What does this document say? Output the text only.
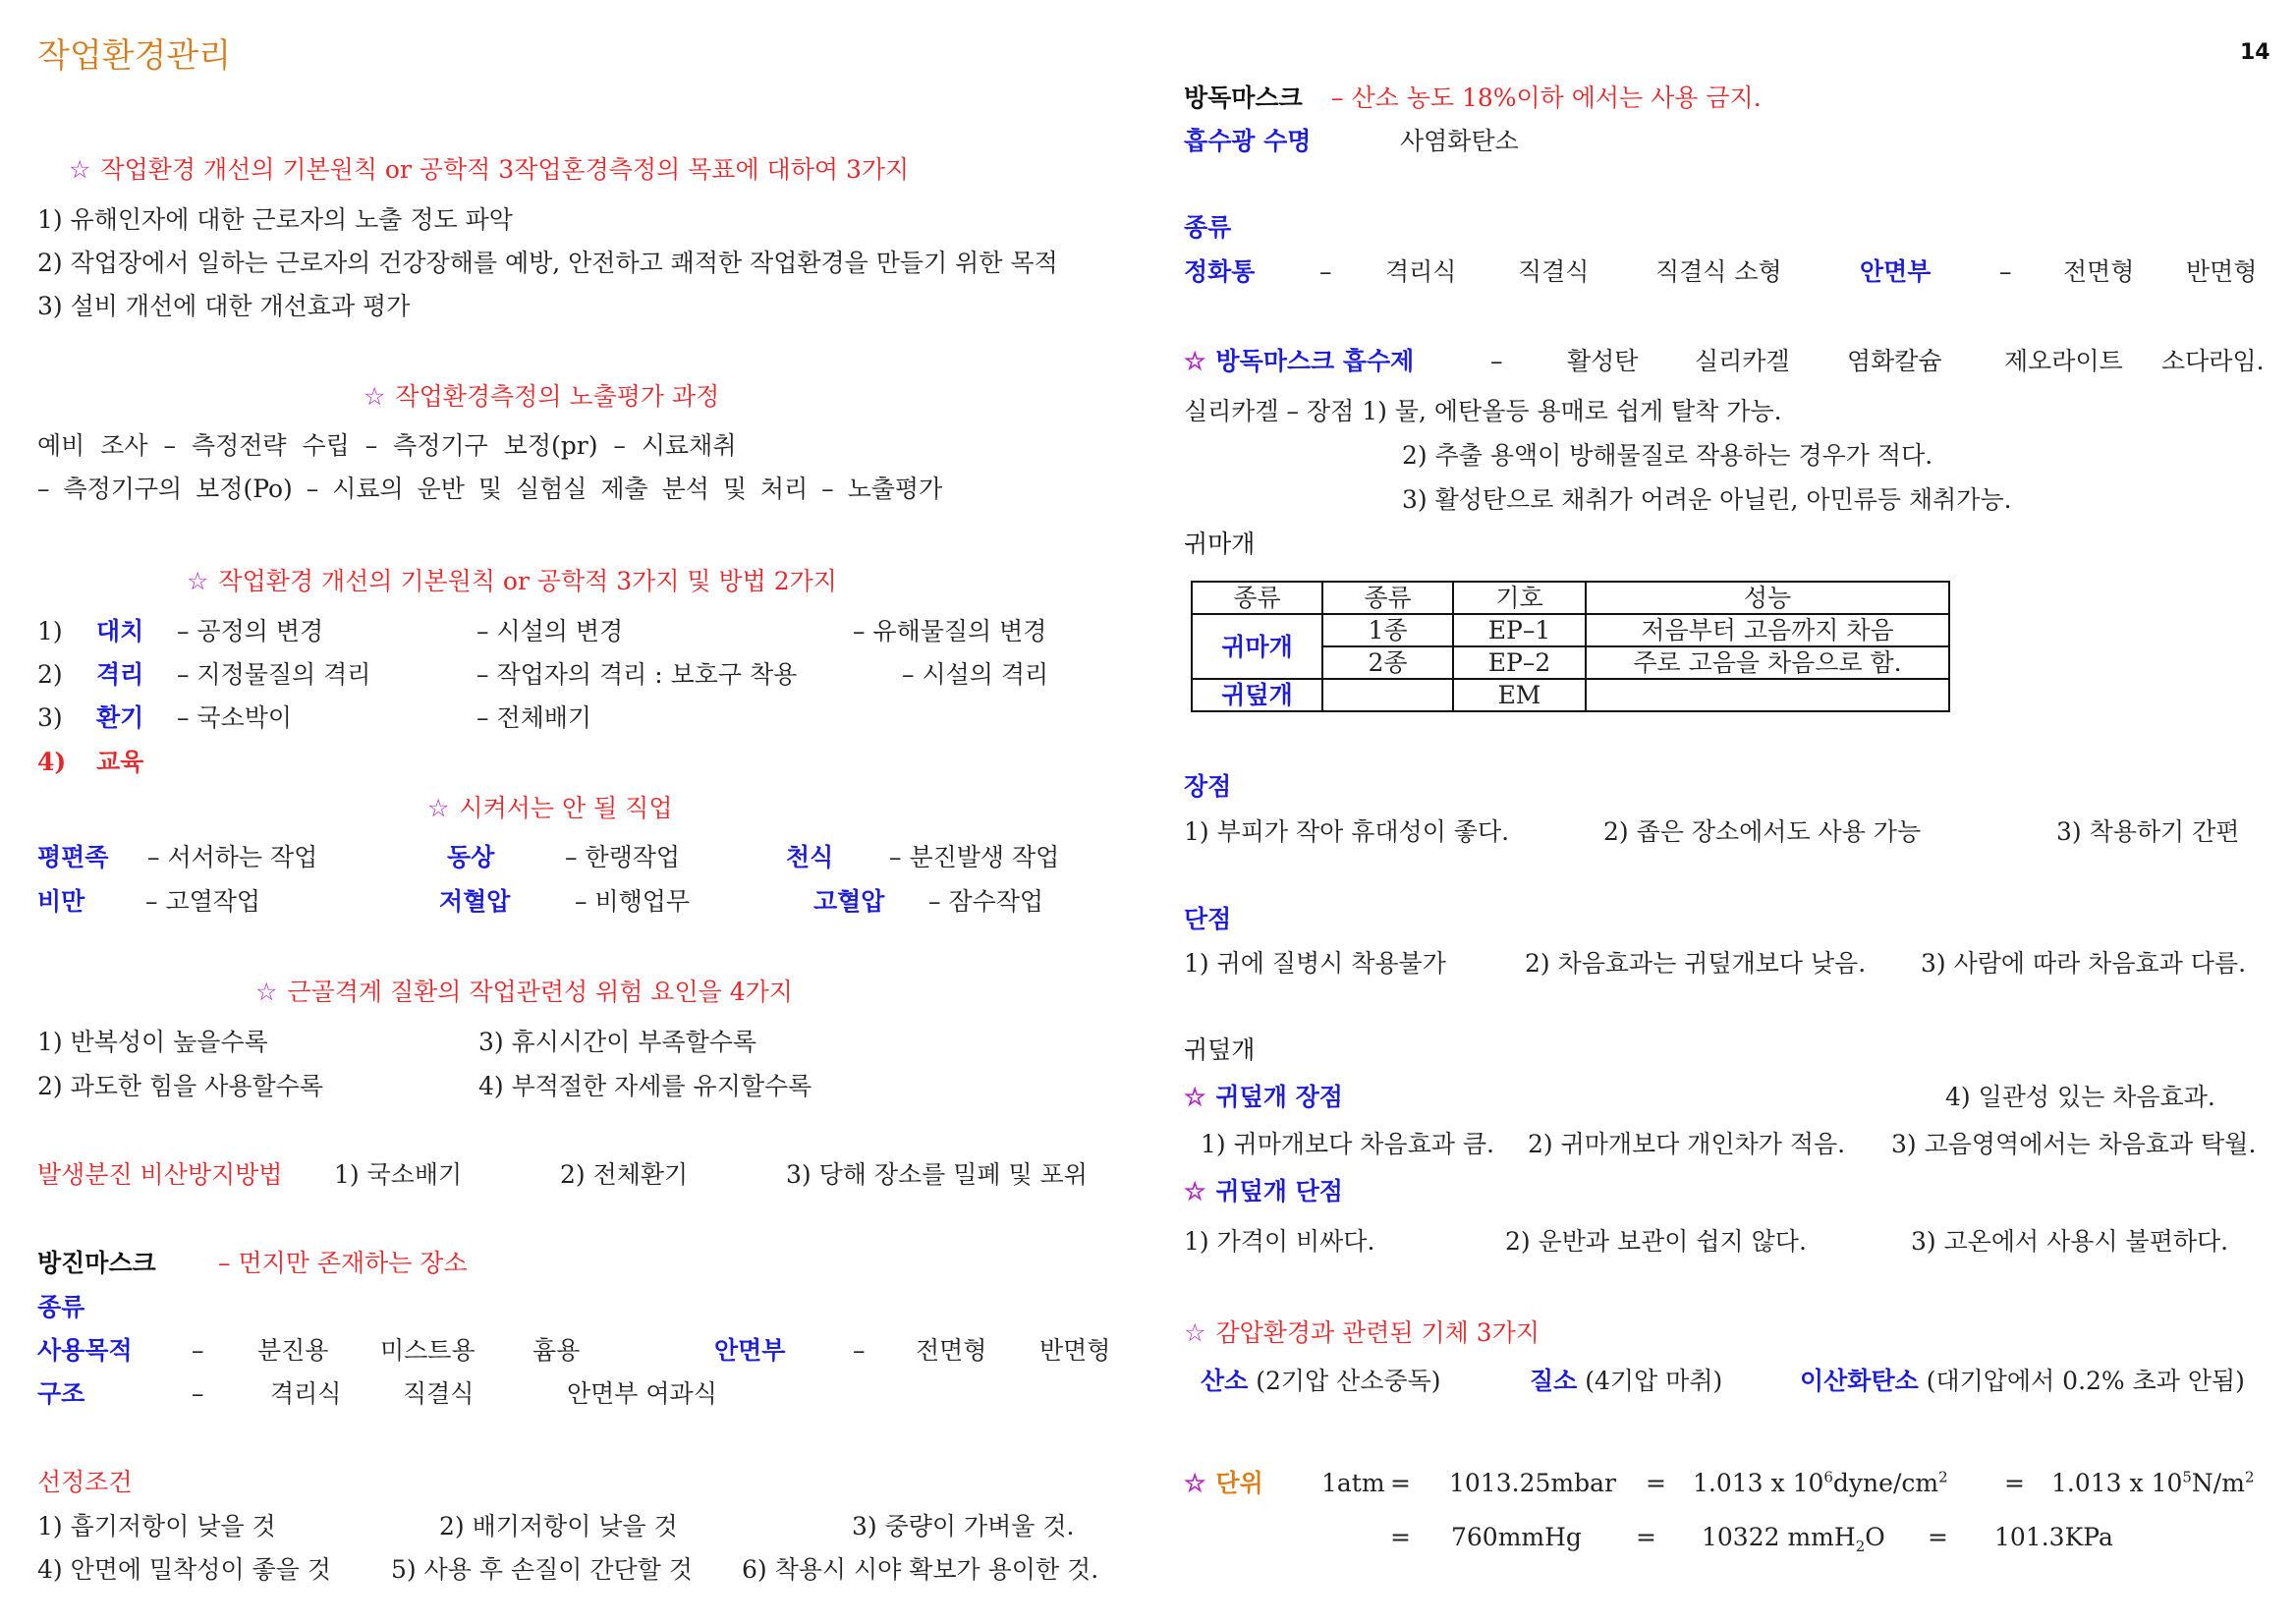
작업환경관리	14
☆ 작업환경 개선의 기본원칙 or 공학적 3작업혼경측정의 목표에 대하여 3가지
1) 유해인자에 대한 근로자의 노출 정도 파악
2) 작업장에서 일하는 근로자의 건강장해를 예방, 안전하고 쾌적한 작업환경을 만들기 위한 목적
3) 설비 개선에 대한 개선효과 평가
☆ 작업환경측정의 노출평가 과정
예비 조사 – 측정전략 수립 – 측정기구 보정(pr) – 시료채취
– 측정기구의 보정(Po) – 시료의 운반 및 실험실 제출 분석 및 처리 – 노출평가
☆ 작업환경 개선의 기본원칙 or 공학적 3가지 및 방법 2가지
1) 대치 – 공정의 변경	– 시설의 변경	– 유해물질의 변경
2) 격리 – 지정물질의 격리	– 작업자의 격리 : 보호구 착용	– 시설의 격리
3) 환기 – 국소박이	– 전체배기
4) 교육
☆ 시켜서는 안 될 직업
평편족 – 서서하는 작업	동상	– 한랭작업	천식 – 분진발생 작업
비만 – 고열작업	저혈압	– 비행업무	고혈압 – 잠수작업
☆ 근골격계 질환의 작업관련성 위험 요인을 4가지
1) 반복성이 높을수록	3) 휴시시간이 부족할수록
2) 과도한 힘을 사용할수록	4) 부적절한 자세를 유지할수록
발생분진 비산방지방법 1) 국소배기	2) 전체환기	3) 당해 장소를 밀폐 및 포위
방진마스크	– 먼지만 존재하는 장소
종류
사용목적 – 분진용 미스트용 흄용	안면부	– 전면형 반면형
구조	–	격리식	직결식	안면부 여과식
선정조건
1) 흡기저항이 낮을 것	2) 배기저항이 낮을 것	3) 중량이 가벼울 것.
4) 안면에 밀착성이 좋을 것 5) 사용 후 손질이 간단할 것 6) 착용시 시야 확보가 용이한 것.
방독마스크 – 산소 농도 18%이하 에서는 사용 금지.
흡수광 수명	사염화탄소
종류
정화통	– 격리식	직결식	직결식 소형	안면부	– 전면형 반면형
☆ 방독마스크 흡수제	–	활성탄 실리카겔 염화칼슘	제오라이트 소다라임.
실리카겔 – 장점 1) 물, 에탄올등 용매로 쉽게 탈착 가능.
2) 추출 용액이 방해물질로 작용하는 경우가 적다.
3) 활성탄으로 채취가 어려운 아닐린, 아민류등 채취가능.
귀마개
종류	종류	기호	성능
귀마개	1종	EP–1	저음부터 고음까지 차음
	2종	EP–2	주로 고음을 차음으로 함.
귀덮개		EM	
장점
1) 부피가 작아 휴대성이 좋다.	2) 좁은 장소에서도 사용 가능	3) 착용하기 간편
단점
1) 귀에 질병시 착용불가	2) 차음효과는 귀덮개보다 낮음. 3) 사람에 따라 차음효과 다름.
귀덮개
☆ 귀덮개 장점	4) 일관성 있는 차음효과.
1) 귀마개보다 차음효과 큼. 2) 귀마개보다 개인차가 적음. 3) 고음영역에서는 차음효과 탁월.
☆ 귀덮개 단점
1) 가격이 비싸다.	2) 운반과 보관이 쉽지 않다.	3) 고온에서 사용시 불편하다.
☆ 감압환경과 관련된 기체 3가지
산소 (2기압 산소중독)	질소 (4기압 마취)	이산화탄소 (대기압에서 0.2% 초과 안됨)
☆ 단위 1atm = 1013.25mbar = 1.013 x $10^6dyne/cm^2 = 1.013$ x $10^5N/m^2$
= 760mmHg = 10322 mmH$_2$O = 101.3KPa
